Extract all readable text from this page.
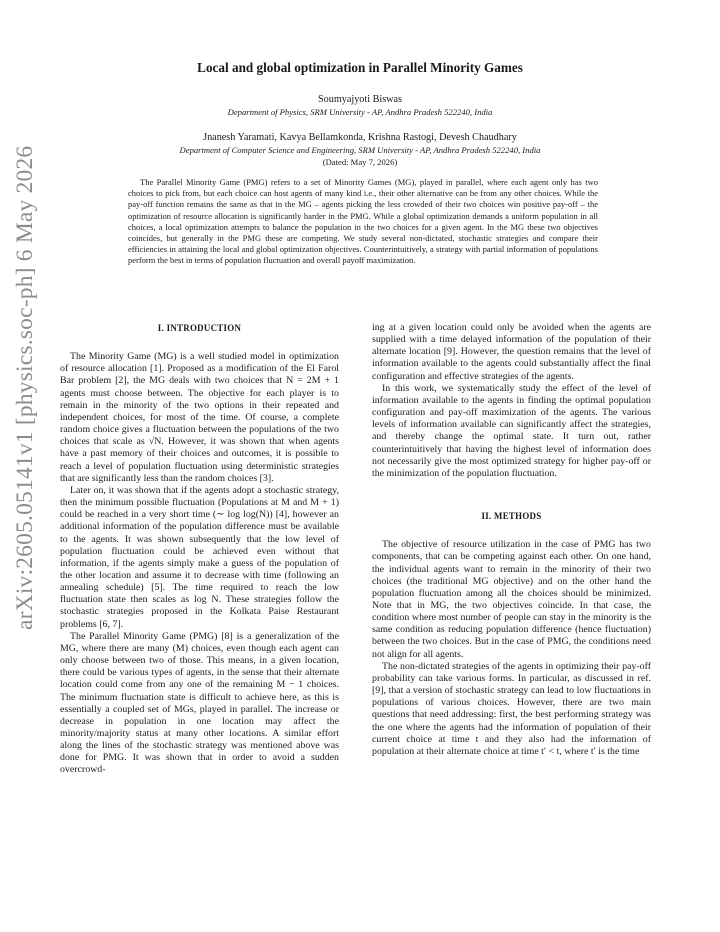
arXiv:2605.05141v1 [physics.soc-ph] 6 May 2026
Local and global optimization in Parallel Minority Games
Soumyajyoti Biswas
Department of Physics, SRM University - AP, Andhra Pradesh 522240, India
Jnanesh Yaramati, Kavya Bellamkonda, Krishna Rastogi, Devesh Chaudhary
Department of Computer Science and Engineering, SRM University - AP, Andhra Pradesh 522240, India
(Dated: May 7, 2026)
The Parallel Minority Game (PMG) refers to a set of Minority Games (MG), played in parallel, where each agent only has two choices to pick from, but each choice can host agents of many kind i.e., their other alternative can be from any other choices. While the pay-off function remains the same as that in the MG – agents picking the less crowded of their two choices win positive pay-off – the optimization of resource allocation is significantly harder in the PMG. While a global optimization demands a uniform population in all choices, a local optimization attempts to balance the population in the two choices for a given agent. In the MG these two objectives coincides, but generally in the PMG these are competing. We study several non-dictated, stochastic strategies and compare their efficiencies in attaining the local and global optimization objectives. Counterintuitively, a strategy with partial information of populations perform the best in terms of population fluctuation and overall payoff maximization.
I. INTRODUCTION

The Minority Game (MG) is a well studied model in optimization of resource allocation [1]. Proposed as a modification of the El Farol Bar problem [2], the MG deals with two choices that N = 2M + 1 agents must choose between. The objective for each player is to remain in the minority of the two options in their repeated and independent choices, for most of the time. Of course, a complete random choice gives a fluctuation between the populations of the two choices that scale as √N. However, it was shown that when agents have a past memory of their choices and outcomes, it is possible to reach a level of population fluctuation using deterministic strategies that are significantly less than the random choices [3].

Later on, it was shown that if the agents adopt a stochastic strategy, then the minimum possible fluctuation (Populations at M and M + 1) could be reached in a very short time (∼ log log(N)) [4], however an additional information of the population difference must be available to the agents. It was shown subsequently that the low level of population fluctuation could be achieved even without that information, if the agents simply make a guess of the population of the other location and assume it to decrease with time (following an annealing schedule) [5]. The time required to reach the low fluctuation state then scales as log N. These strategies follow the stochastic strategies proposed in the Kolkata Paise Restaurant problems [6, 7].

The Parallel Minority Game (PMG) [8] is a generalization of the MG, where there are many (M) choices, even though each agent can only choose between two of those. This means, in a given location, there could be various types of agents, in the sense that their alternate location could come from any one of the remaining M − 1 choices. The minimum fluctuation state is difficult to achieve here, as this is essentially a coupled set of MGs, played in parallel. The increase or decrease in population in one location may affect the minority/majority status at many other locations. A similar effort along the lines of the stochastic strategy was mentioned above was done for PMG. It was shown that in order to avoid a sudden overcrowd-

ing at a given location could only be avoided when the agents are supplied with a time delayed information of the population of their alternate location [9]. However, the question remains that the level of information available to the agents could substantially affect the final configuration and effective strategies of the agents.

In this work, we systematically study the effect of the level of information available to the agents in finding the optimal population configuration and pay-off maximization of the agents. The various levels of information available can significantly affect the strategies, and thereby change the optimal state. It turn out, rather counterintuitively that having the highest level of information does not necessarily give the most optimized strategy for higher pay-off or the minimization of the population fluctuation.

II. METHODS

The objective of resource utilization in the case of PMG has two components, that can be competing against each other. On one hand, the individual agents want to remain in the minority of their two choices (the traditional MG objective) and on the other hand the population fluctuation among all the choices should be minimized. Note that in MG, the two objectives coincide. In that case, the condition where most number of people can stay in the minority is the same condition as reducing population difference (hence fluctuation) between the two choices. But in the case of PMG, the conditions need not align for all agents.

The non-dictated strategies of the agents in optimizing their pay-off probability can take various forms. In particular, as discussed in ref. [9], that a version of stochastic strategy can lead to low fluctuations in populations of various choices. However, there are two main questions that need addressing: first, the best performing strategy was the one where the agents had the information of population of their current choice at time t and they also had the information of population at their alternate choice at time t′ < t, where t′ is the time
